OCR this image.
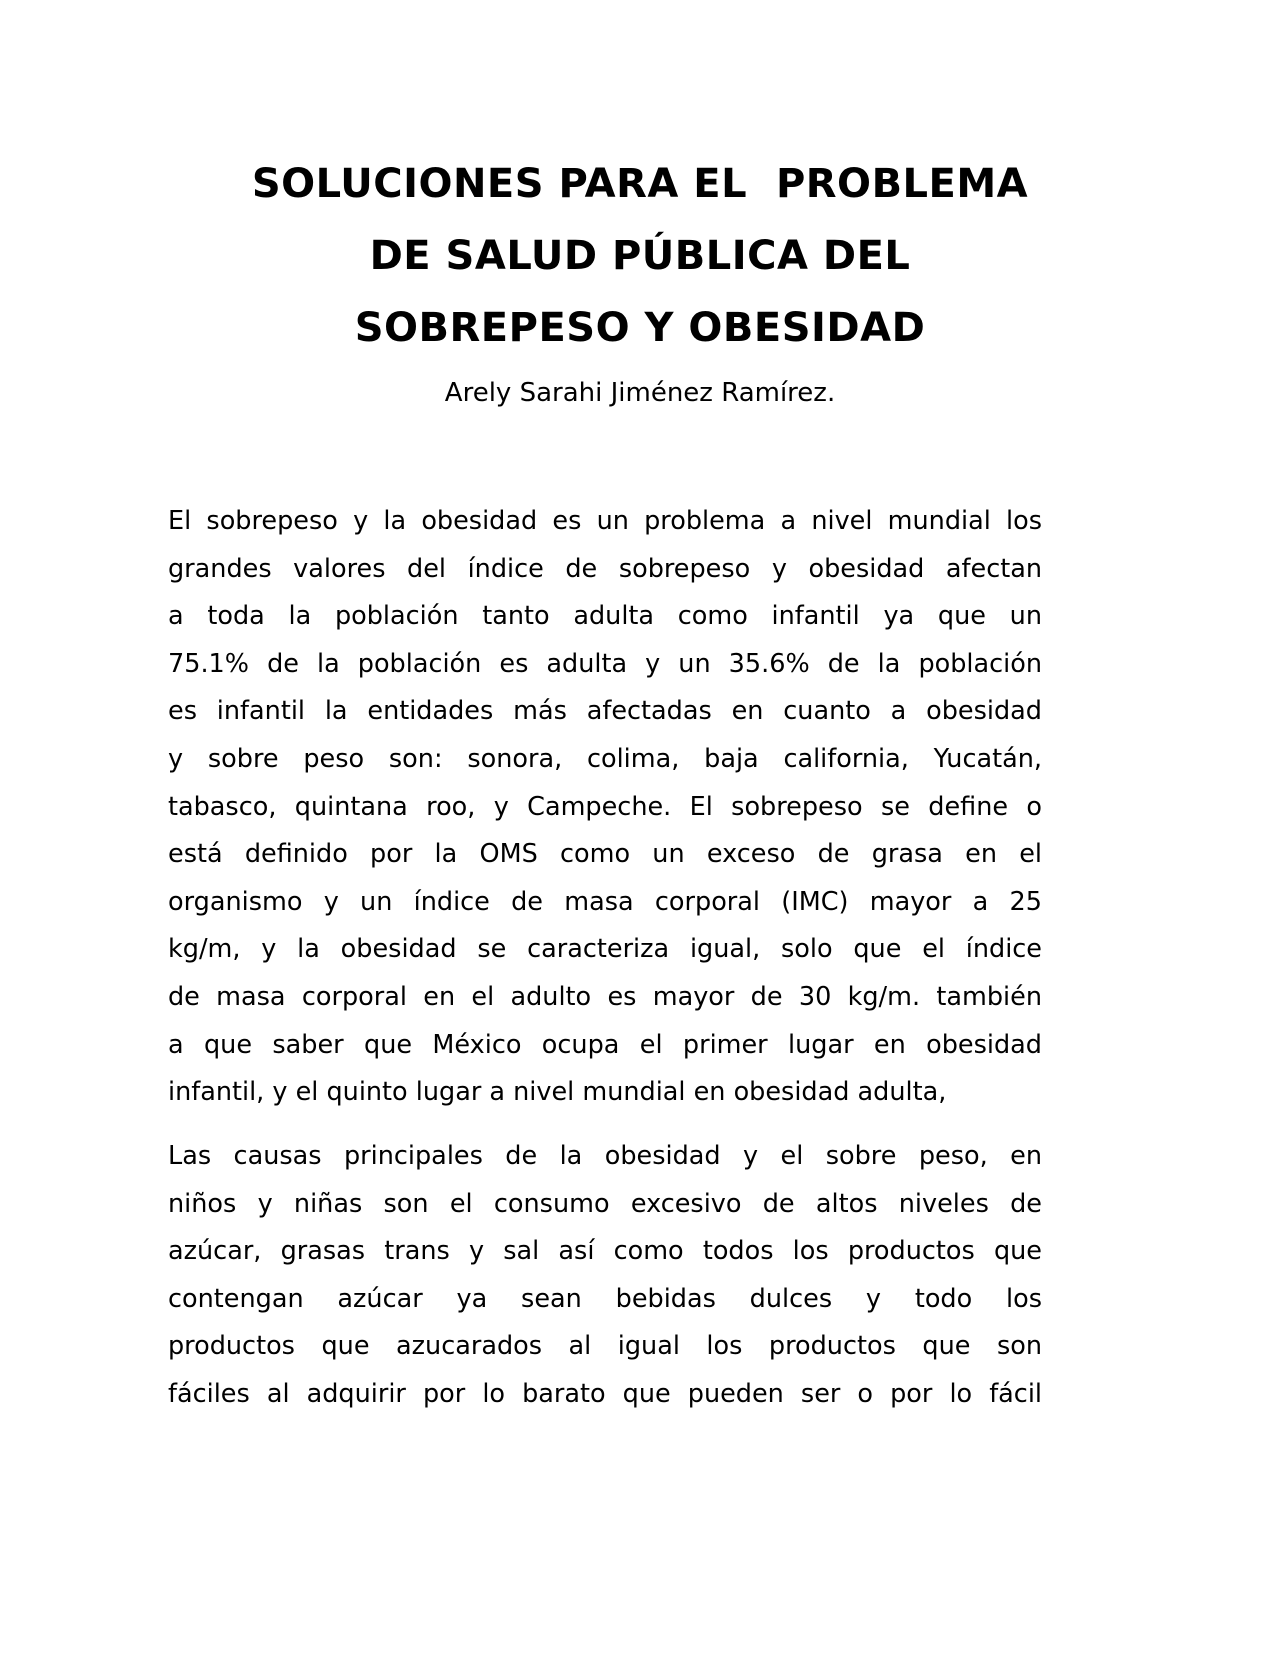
SOLUCIONES PARA EL  PROBLEMA
DE SALUD PÚBLICA DEL
SOBREPESO Y OBESIDAD
Arely Sarahi Jiménez Ramírez.
El sobrepeso y la obesidad es un problema a nivel mundial los
grandes valores del índice de sobrepeso y obesidad afectan
a toda la población tanto adulta como infantil ya que un
75.1% de la población es adulta y un 35.6% de la población
es infantil la entidades más afectadas en cuanto a obesidad
y sobre peso son: sonora, colima, baja california, Yucatán,
tabasco, quintana roo, y Campeche. El sobrepeso se define o
está definido por la OMS como un exceso de grasa en el
organismo y un índice de masa corporal (IMC) mayor a 25
kg/m, y la obesidad se caracteriza igual, solo que el índice
de masa corporal en el adulto es mayor de 30 kg/m. también
a que saber que México ocupa el primer lugar en obesidad
infantil, y el quinto lugar a nivel mundial en obesidad adulta,
Las causas principales de la obesidad y el sobre peso, en
niños y niñas son el consumo excesivo de altos niveles de
azúcar, grasas trans y sal así como todos los productos que
contengan azúcar ya sean bebidas dulces y todo los
productos que azucarados al igual los productos que son
fáciles al adquirir por lo barato que pueden ser o por lo fácil
